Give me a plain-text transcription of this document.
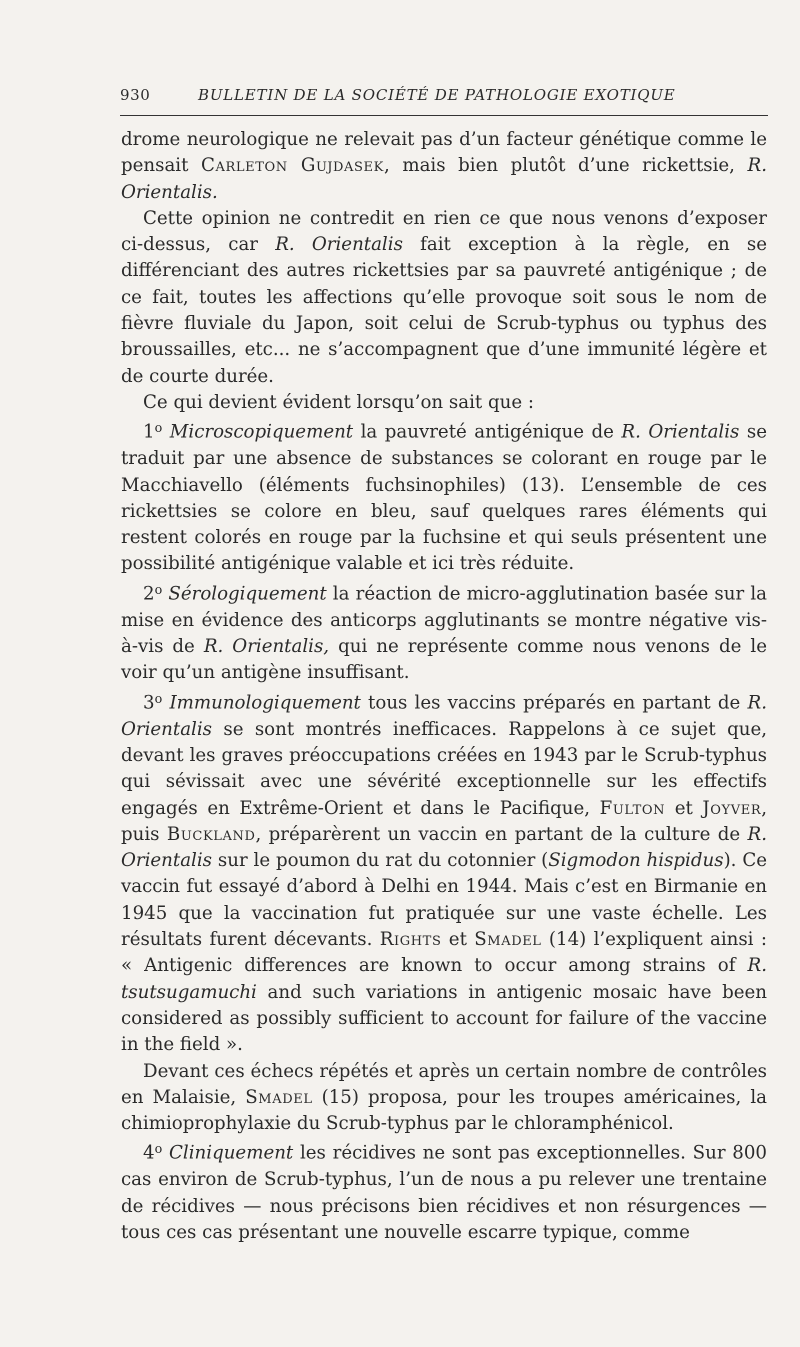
930	BULLETIN DE LA SOCIÉTÉ DE PATHOLOGIE EXOTIQUE

drome neurologique ne relevait pas d’un facteur génétique comme le pensait Carleton Gujdasek, mais bien plutôt d’une rickettsie, R. Orientalis.

Cette opinion ne contredit en rien ce que nous venons d’exposer ci-dessus, car R. Orientalis fait exception à la règle, en se différenciant des autres rickettsies par sa pauvreté antigénique ; de ce fait, toutes les affections qu’elle provoque soit sous le nom de fièvre fluviale du Japon, soit celui de Scrub-typhus ou typhus des broussailles, etc... ne s’accompagnent que d’une immunité légère et de courte durée.

Ce qui devient évident lorsqu’on sait que :

1$^o$ Microscopiquement la pauvreté antigénique de R. Orientalis se traduit par une absence de substances se colorant en rouge par le Macchiavello (éléments fuchsinophiles) (13). L’ensemble de ces rickettsies se colore en bleu, sauf quelques rares éléments qui restent colorés en rouge par la fuchsine et qui seuls présentent une possibilité antigénique valable et ici très réduite.

2$^o$ Sérologiquement la réaction de micro-agglutination basée sur la mise en évidence des anticorps agglutinants se montre négative vis-à-vis de R. Orientalis, qui ne représente comme nous venons de le voir qu’un antigène insuffisant.

3$^o$ Immunologiquement tous les vaccins préparés en partant de R. Orientalis se sont montrés inefficaces. Rappelons à ce sujet que, devant les graves préoccupations créées en 1943 par le Scrub-typhus qui sévissait avec une sévérité exceptionnelle sur les effectifs engagés en Extrême-Orient et dans le Pacifique, Fulton et Joyver, puis Buckland, préparèrent un vaccin en partant de la culture de R. Orientalis sur le poumon du rat du cotonnier (Sigmodon hispidus). Ce vaccin fut essayé d’abord à Delhi en 1944. Mais c’est en Birmanie en 1945 que la vaccination fut pratiquée sur une vaste échelle. Les résultats furent décevants. Rights et Smadel (14) l’expliquent ainsi : « Antigenic differences are known to occur among strains of R. tsutsugamuchi and such variations in antigenic mosaic have been considered as possibly sufficient to account for failure of the vaccine in the field ».

Devant ces échecs répétés et après un certain nombre de contrôles en Malaisie, Smadel (15) proposa, pour les troupes américaines, la chimioprophylaxie du Scrub-typhus par le chloramphénicol.

4$^o$ Cliniquement les récidives ne sont pas exceptionnelles. Sur 800 cas environ de Scrub-typhus, l’un de nous a pu relever une trentaine de récidives — nous précisons bien récidives et non résurgences — tous ces cas présentant une nouvelle escarre typique, comme
